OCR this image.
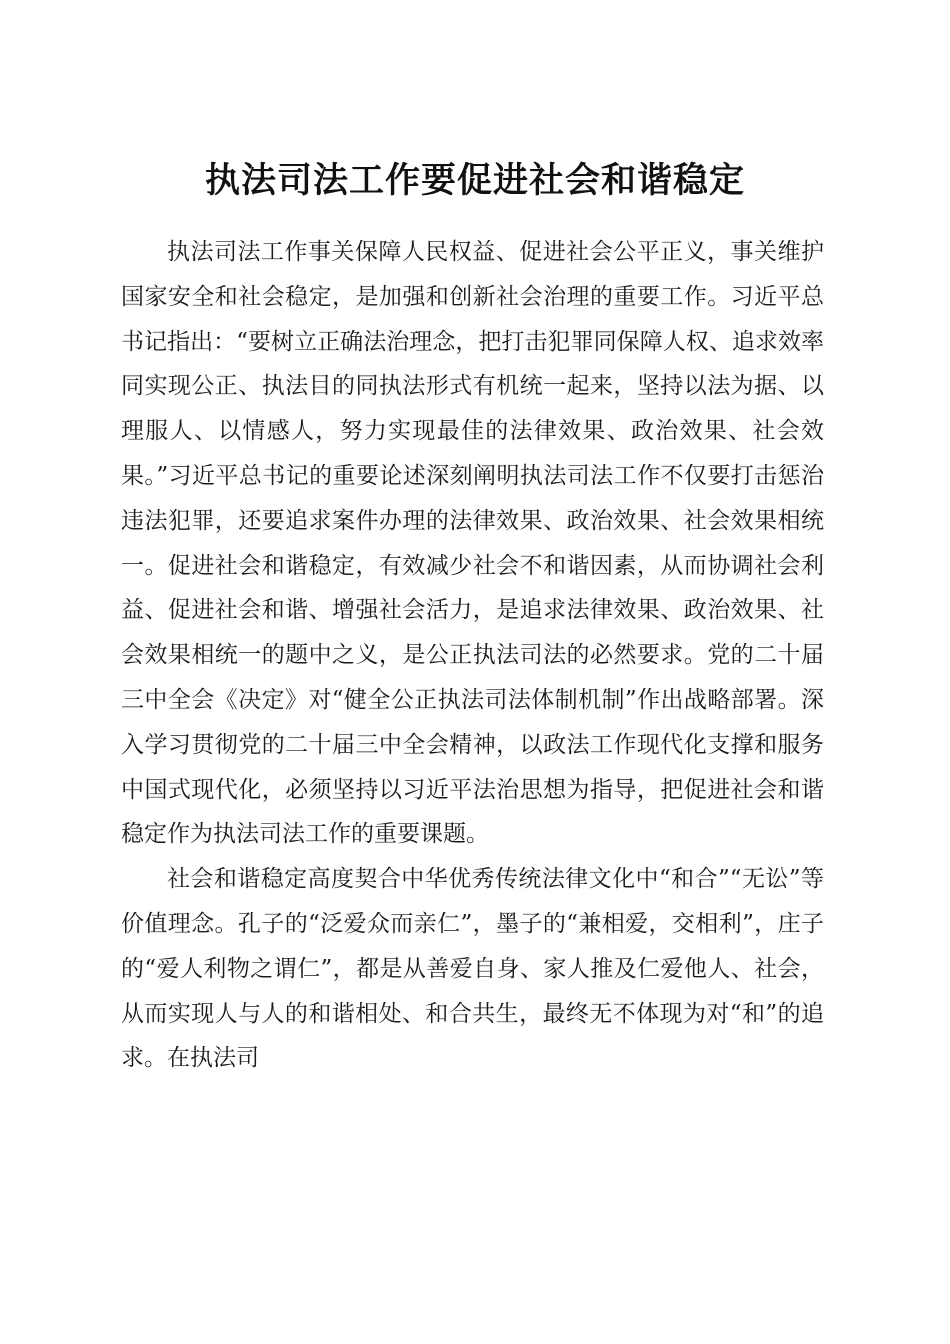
执法司法工作要促进社会和谐稳定

执法司法工作事关保障人民权益、促进社会公平正义，事关维护国家安全和社会稳定，是加强和创新社会治理的重要工作。习近平总书记指出：“要树立正确法治理念，把打击犯罪同保障人权、追求效率同实现公正、执法目的同执法形式有机统一起来，坚持以法为据、以理服人、以情感人，努力实现最佳的法律效果、政治效果、社会效果。”习近平总书记的重要论述深刻阐明执法司法工作不仅要打击惩治违法犯罪，还要追求案件办理的法律效果、政治效果、社会效果相统一。促进社会和谐稳定，有效减少社会不和谐因素，从而协调社会利益、促进社会和谐、增强社会活力，是追求法律效果、政治效果、社会效果相统一的题中之义，是公正执法司法的必然要求。党的二十届三中全会《决定》对“健全公正执法司法体制机制”作出战略部署。深入学习贯彻党的二十届三中全会精神，以政法工作现代化支撑和服务中国式现代化，必须坚持以习近平法治思想为指导，把促进社会和谐稳定作为执法司法工作的重要课题。

社会和谐稳定高度契合中华优秀传统法律文化中“和合”“无讼”等价值理念。孔子的“泛爱众而亲仁”，墨子的“兼相爱，交相利”，庄子的“爱人利物之谓仁”，都是从善爱自身、家人推及仁爱他人、社会，从而实现人与人的和谐相处、和合共生，最终无不体现为对“和”的追求。在执法司
